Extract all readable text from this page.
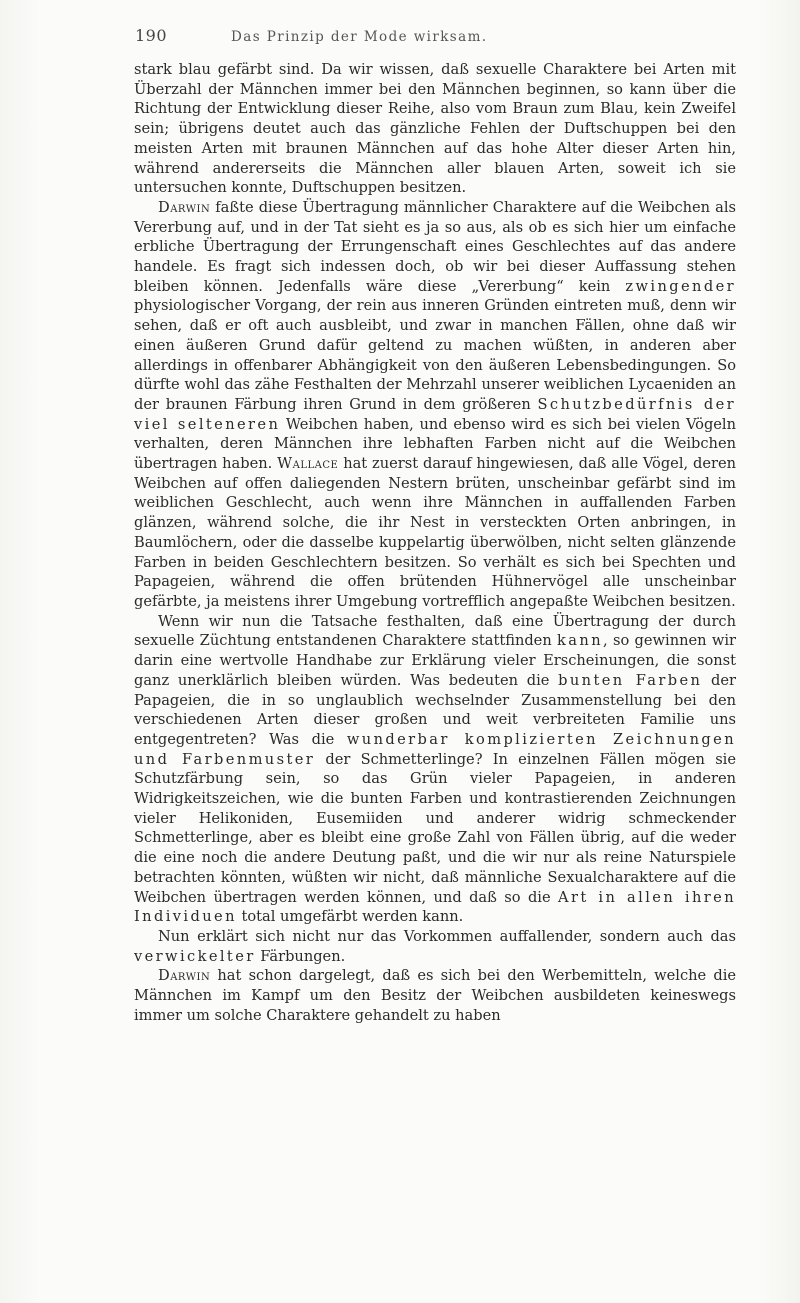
190	Das Prinzip der Mode wirksam.

stark blau gefärbt sind. Da wir wissen, daß sexuelle Charaktere bei Arten mit Überzahl der Männchen immer bei den Männchen beginnen, so kann über die Richtung der Entwicklung dieser Reihe, also vom Braun zum Blau, kein Zweifel sein; übrigens deutet auch das gänzliche Fehlen der Duftschuppen bei den meisten Arten mit braunen Männchen auf das hohe Alter dieser Arten hin, während andererseits die Männchen aller blauen Arten, soweit ich sie untersuchen konnte, Duftschuppen besitzen.

Darwin faßte diese Übertragung männlicher Charaktere auf die Weibchen als Vererbung auf, und in der Tat sieht es ja so aus, als ob es sich hier um einfache erbliche Übertragung der Errungenschaft eines Geschlechtes auf das andere handele. Es fragt sich indessen doch, ob wir bei dieser Auffassung stehen bleiben können. Jedenfalls wäre diese „Vererbung“ kein zwingender physiologischer Vorgang, der rein aus inneren Gründen eintreten muß, denn wir sehen, daß er oft auch ausbleibt, und zwar in manchen Fällen, ohne daß wir einen äußeren Grund dafür geltend zu machen wüßten, in anderen aber allerdings in offenbarer Abhängigkeit von den äußeren Lebensbedingungen. So dürfte wohl das zähe Festhalten der Mehrzahl unserer weiblichen Lycaeniden an der braunen Färbung ihren Grund in dem größeren Schutzbedürfnis der viel selteneren Weibchen haben, und ebenso wird es sich bei vielen Vögeln verhalten, deren Männchen ihre lebhaften Farben nicht auf die Weibchen übertragen haben. Wallace hat zuerst darauf hingewiesen, daß alle Vögel, deren Weibchen auf offen daliegenden Nestern brüten, unscheinbar gefärbt sind im weiblichen Geschlecht, auch wenn ihre Männchen in auffallenden Farben glänzen, während solche, die ihr Nest in versteckten Orten anbringen, in Baumlöchern, oder die dasselbe kuppelartig überwölben, nicht selten glänzende Farben in beiden Geschlechtern besitzen. So verhält es sich bei Spechten und Papageien, während die offen brütenden Hühnervögel alle unscheinbar gefärbte, ja meistens ihrer Umgebung vortrefflich angepaßte Weibchen besitzen.

Wenn wir nun die Tatsache festhalten, daß eine Übertragung der durch sexuelle Züchtung entstandenen Charaktere stattfinden kann, so gewinnen wir darin eine wertvolle Handhabe zur Erklärung vieler Erscheinungen, die sonst ganz unerklärlich bleiben würden. Was bedeuten die bunten Farben der Papageien, die in so unglaublich wechselnder Zusammenstellung bei den verschiedenen Arten dieser großen und weit verbreiteten Familie uns entgegentreten? Was die wunderbar komplizierten Zeichnungen und Farbenmuster der Schmetterlinge? In einzelnen Fällen mögen sie Schutzfärbung sein, so das Grün vieler Papageien, in anderen Widrigkeitszeichen, wie die bunten Farben und kontrastierenden Zeichnungen vieler Helikoniden, Eusemiiden und anderer widrig schmeckender Schmetterlinge, aber es bleibt eine große Zahl von Fällen übrig, auf die weder die eine noch die andere Deutung paßt, und die wir nur als reine Naturspiele betrachten könnten, wüßten wir nicht, daß männliche Sexualcharaktere auf die Weibchen übertragen werden können, und daß so die Art in allen ihren Individuen total umgefärbt werden kann.

Nun erklärt sich nicht nur das Vorkommen auffallender, sondern auch das verwickelter Färbungen.

Darwin hat schon dargelegt, daß es sich bei den Werbemitteln, welche die Männchen im Kampf um den Besitz der Weibchen ausbildeten keineswegs immer um solche Charaktere gehandelt zu haben
